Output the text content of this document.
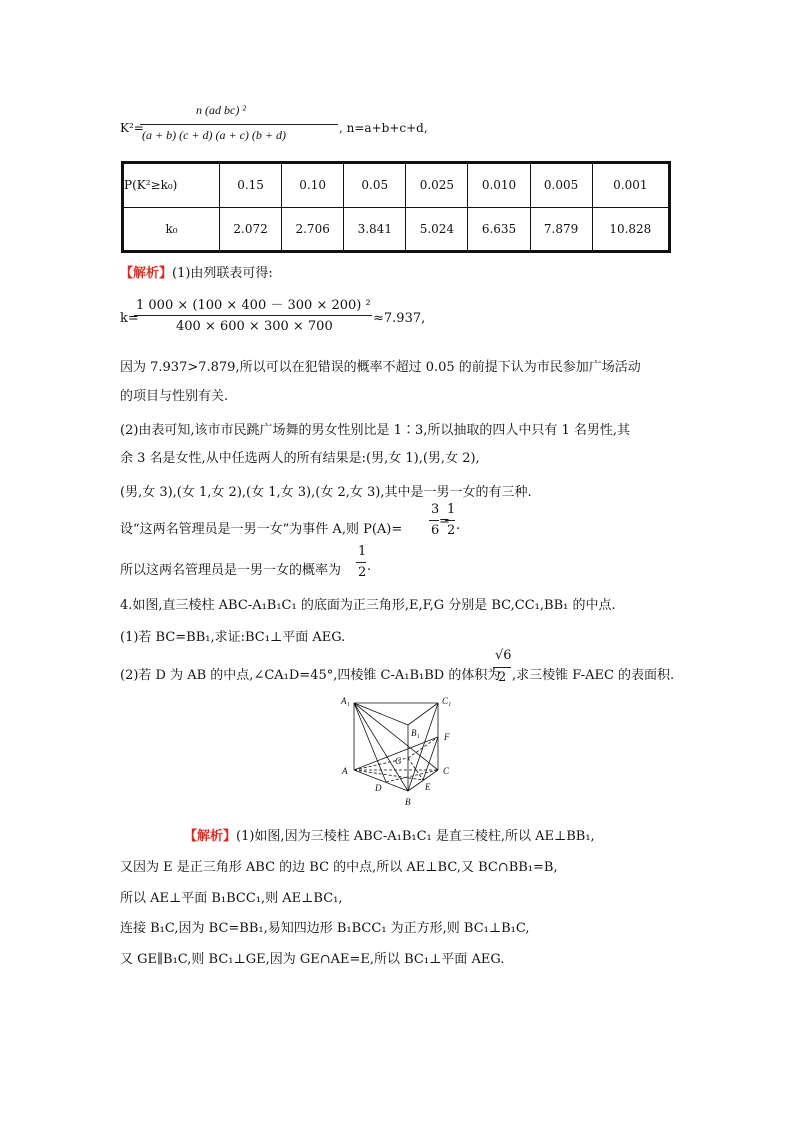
K²=
n (ad bc) ²
(a + b) (c + d) (a + c) (b + d)	, n=a+b+c+d,
P(K²≥k₀)	0.15	0.10	0.05	0.025	0.010	0.005	0.001
k₀	2.072	2.706	3.841	5.024	6.635	7.879	10.828
【解析】(1)由列联表可得:
k=
1 000 × (100 × 400 － 300 × 200) ²
400 × 600 × 300 × 700
≈7.937,
因为 7.937>7.879,所以可以在犯错误的概率不超过 0.05 的前提下认为市民参加广场活动
的项目与性别有关.
(2)由表可知,该市市民跳广场舞的男女性别比是 1∶3,所以抽取的四人中只有 1 名男性,其
余 3 名是女性,从中任选两人的所有结果是:(男,女 1),(男,女 2),
(男,女 3),(女 1,女 2),(女 1,女 3),(女 2,女 3),其中是一男一女的有三种.
设“这两名管理员是一男一女”为事件 A,则 P(A)=
3
6
=
1
2 .
所以这两名管理员是一男一女的概率为
1
2 .
4.如图,直三棱柱 ABC-A₁B₁C₁ 的底面为正三角形,E,F,G 分别是 BC,CC₁,BB₁ 的中点.
(1)若 BC=BB₁,求证:BC₁⊥平面 AEG.
(2)若 D 为 AB 的中点,∠CA₁D=45°,四棱锥 C-A₁B₁BD 的体积为
√6
2 ,求三棱锥 F-AEC 的表面积.
A₁	C₁
B₁	F
G
A	C
D	E
B
【解析】(1)如图,因为三棱柱 ABC-A₁B₁C₁ 是直三棱柱,所以 AE⊥BB₁,
又因为 E 是正三角形 ABC 的边 BC 的中点,所以 AE⊥BC,又 BC∩BB₁=B,
所以 AE⊥平面 B₁BCC₁,则 AE⊥BC₁,
连接 B₁C,因为 BC=BB₁,易知四边形 B₁BCC₁ 为正方形,则 BC₁⊥B₁C,
又 GE∥B₁C,则 BC₁⊥GE,因为 GE∩AE=E,所以 BC₁⊥平面 AEG.
